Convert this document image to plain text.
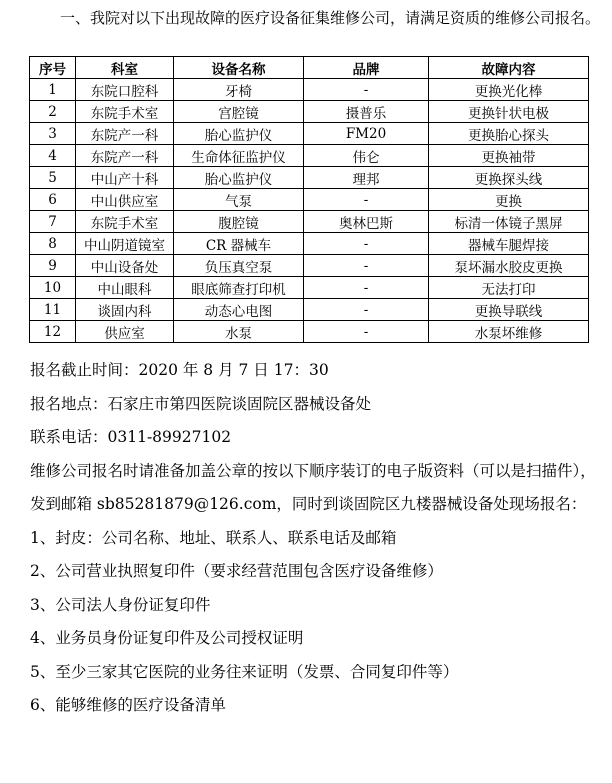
一、我院对以下出现故障的医疗设备征集维修公司，请满足资质的维修公司报名。
序号	科室	设备名称	品牌	故障内容
1	东院口腔科	牙椅	-	更换光化棒
2	东院手术室	宫腔镜	摄普乐	更换针状电极
3	东院产一科	胎心监护仪	FM20	更换胎心探头
4	东院产一科	生命体征监护仪	伟仑	更换袖带
5	中山产十科	胎心监护仪	理邦	更换探头线
6	中山供应室	气泵	-	更换
7	东院手术室	腹腔镜	奥林巴斯	标清一体镜子黑屏
8	中山阴道镜室	CR 器械车	-	器械车腿焊接
9	中山设备处	负压真空泵	-	泵坏漏水胶皮更换
10	中山眼科	眼底筛查打印机	-	无法打印
11	谈固内科	动态心电图	-	更换导联线
12	供应室	水泵	-	水泵坏维修

报名截止时间：2020 年 8 月 7 日 17：30

报名地点：石家庄市第四医院谈固院区器械设备处

联系电话：0311-89927102

维修公司报名时请准备加盖公章的按以下顺序装订的电子版资料（可以是扫描件），发到邮箱 sb85281879@126.com，同时到谈固院区九楼器械设备处现场报名：

1、封皮：公司名称、地址、联系人、联系电话及邮箱

2、公司营业执照复印件（要求经营范围包含医疗设备维修）

3、公司法人身份证复印件

4、业务员身份证复印件及公司授权证明

5、至少三家其它医院的业务往来证明（发票、合同复印件等）

6、能够维修的医疗设备清单
